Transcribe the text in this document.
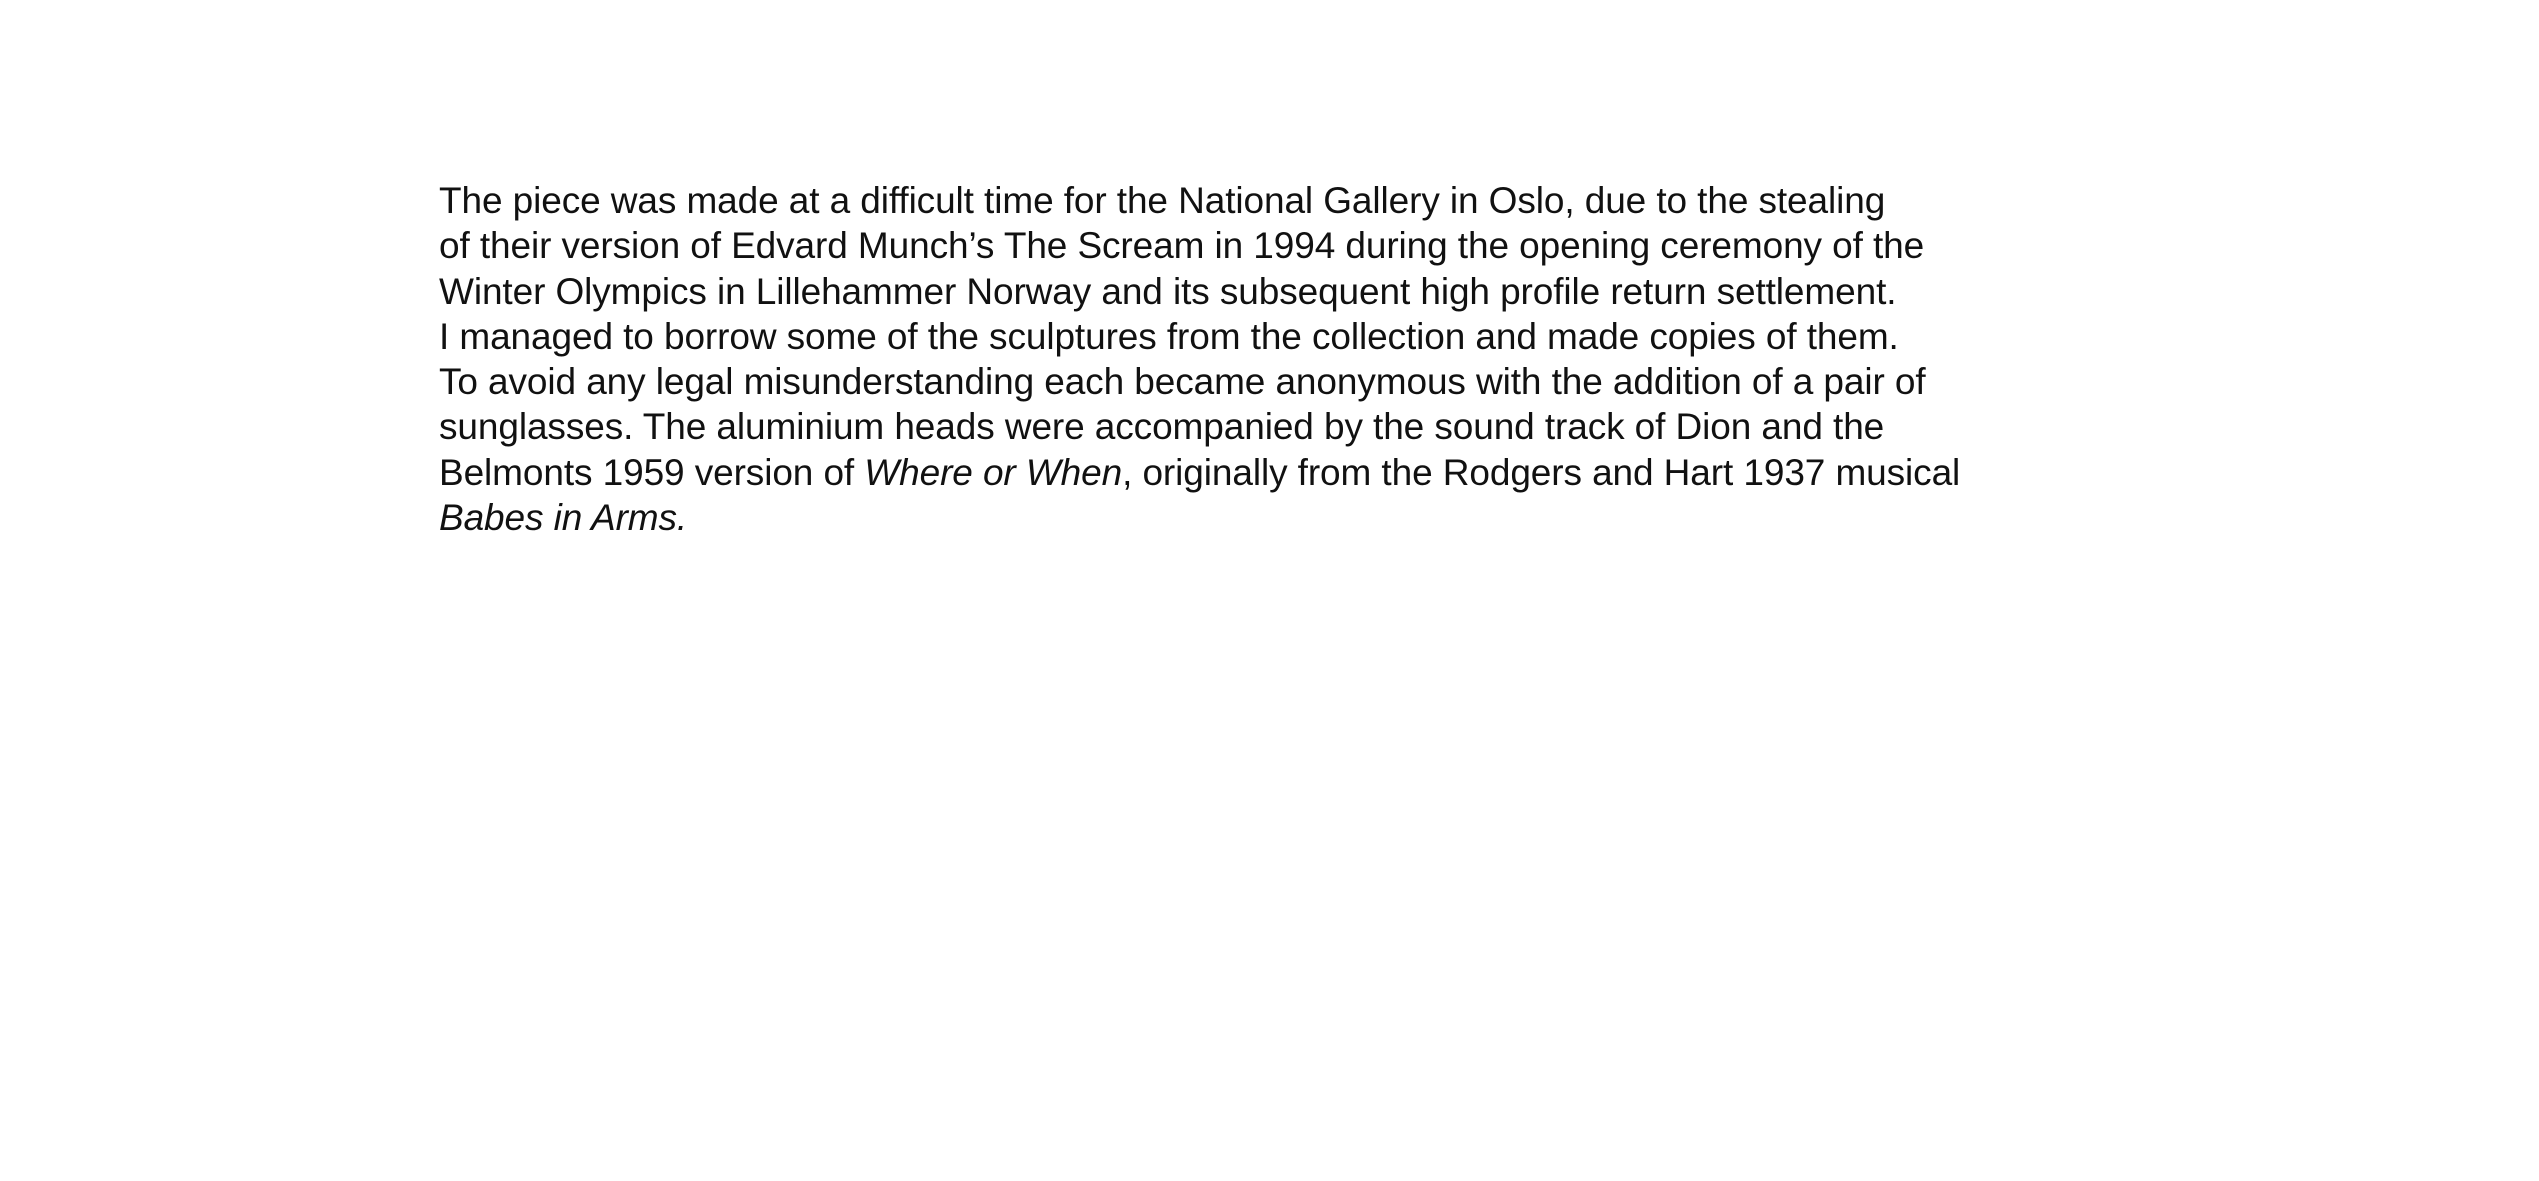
The piece was made at a difficult time for the National Gallery in Oslo, due to the stealing
of their version of Edvard Munch’s The Scream in 1994 during the opening ceremony of the
Winter Olympics in Lillehammer Norway and its subsequent high profile return settlement.
I managed to borrow some of the sculptures from the collection and made copies of them.
To avoid any legal misunderstanding each became anonymous with the addition of a pair of
sunglasses. The aluminium heads were accompanied by the sound track of Dion and the
Belmonts 1959 version of Where or When, originally from the Rodgers and Hart 1937 musical
Babes in Arms.
